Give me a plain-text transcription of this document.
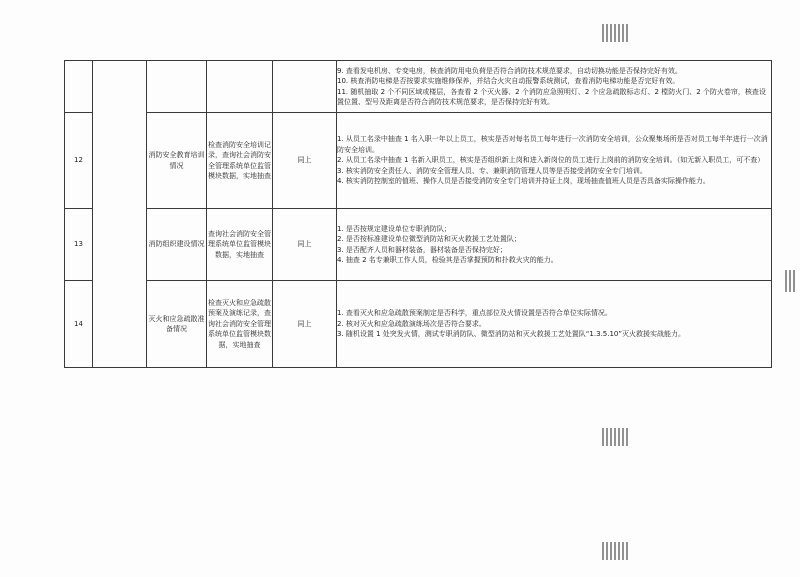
					9. 查看发电机房、专变电房，核查消防用电负荷是否符合消防技术规范要求，自动切换功能是否保持完好有效。
10. 核查消防电梯是否按要求实施维修保养，并结合火灾自动报警系统测试，查看消防电梯功能是否完好有效。
11. 随机抽取 2 个不同区域或楼层，各查看 2 个灭火器、2 个消防应急照明灯、2 个应急疏散标志灯、2 樘防火门、2 个防火卷帘，核查设置位置、型号及距离是否符合消防技术规范要求，是否保持完好有效。

12		消防安全教育培训情况	检查消防安全培训记录，查询社会消防安全管理系统单位监管模块数据，实地抽查	同上	1. 从员工名录中抽查 1 名入职一年以上员工，核实是否对每名员工每年进行一次消防安全培训，公众聚集场所是否对员工每半年进行一次消防安全培训。
2. 从员工名录中抽查 1 名新入职员工，核实是否组织新上岗和进入新岗位的员工进行上岗前的消防安全培训。（如无新入职员工，可不查）
3. 核实消防安全责任人、消防安全管理人员、专、兼职消防管理人员等是否接受消防安全专门培训。
4. 核实消防控制室的值班、操作人员是否接受消防安全专门培训并持证上岗，现场抽查值班人员是否具备实际操作能力。

13		消防组织建设情况	查询社会消防安全管理系统单位监管模块数据，实地抽查	同上	1. 是否按规定建设单位专职消防队；
2. 是否按标准建设单位微型消防站和灭火救援工艺处置队；
3. 是否配齐人员和器材装备，器材装备是否保持完好；
4. 抽查 2 名专兼职工作人员，检验其是否掌握预防和扑救火灾的能力。

14		灭火和应急疏散准备情况	检查灭火和应急疏散预案及演练记录，查询社会消防安全管理系统单位监管模块数据，实地抽查	同上	1. 查看灭火和应急疏散预案制定是否科学，重点部位及火情设置是否符合单位实际情况。
2. 核对灭火和应急疏散演练场次是否符合要求。
3. 随机设置 1 处突发火情，测试专职消防队、微型消防站和灭火救援工艺处置队“1.3.5.10”灭火救援实战能力。
